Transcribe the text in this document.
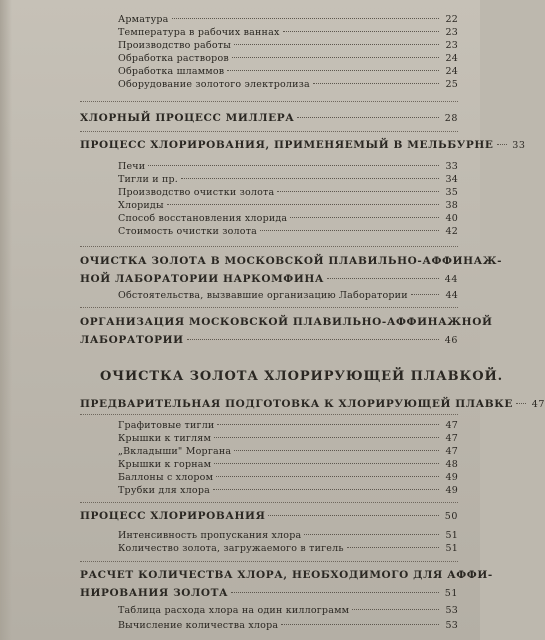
Арматура	22
Температура в рабочих ваннах	23
Производство работы	23
Обработка растворов	24
Обработка шламмов	24
Оборудование золотого электролиза	25
ХЛОРНЫЙ ПРОЦЕСС МИЛЛЕРА	28
ПРОЦЕСС ХЛОРИРОВАНИЯ, ПРИМЕНЯЕМЫЙ В МЕЛЬБУРНЕ 33
Печи	33
Тигли и пр.	34
Производство очистки золота	35
Хлориды	38
Способ восстановления хлорида	40
Стоимость очистки золота	42
ОЧИСТКА ЗОЛОТА В МОСКОВСКОЙ ПЛАВИЛЬНО-АФФИНАЖ-
НОЙ ЛАБОРАТОРИИ НАРКОМФИНА	44
Обстоятельства, вызвавшие организацию Лаборатории	44
ОРГАНИЗАЦИЯ МОСКОВСКОЙ ПЛАВИЛЬНО-АФФИНАЖНОЙ
ЛАБОРАТОРИИ	46
ОЧИСТКА ЗОЛОТА ХЛОРИРУЮЩЕЙ ПЛАВКОЙ.
ПРЕДВАРИТЕЛЬНАЯ ПОДГОТОВКА К ХЛОРИРУЮЩЕЙ ПЛАВКЕ 47
Графитовые тигли	47
Крышки к тиглям	47
„Вкладыши" Моргана	47
Крышки к горнам	48
Баллоны с хлором	49
Трубки для хлора	49
ПРОЦЕСС ХЛОРИРОВАНИЯ	50
Интенсивность пропускания хлора	51
Количество золота, загружаемого в тигель	51
РАСЧЕТ КОЛИЧЕСТВА ХЛОРА, НЕОБХОДИМОГО ДЛЯ АФФИ-
НИРОВАНИЯ ЗОЛОТА	51
Таблица расхода хлора на один киллограмм	53
Вычисление количества хлора	53
